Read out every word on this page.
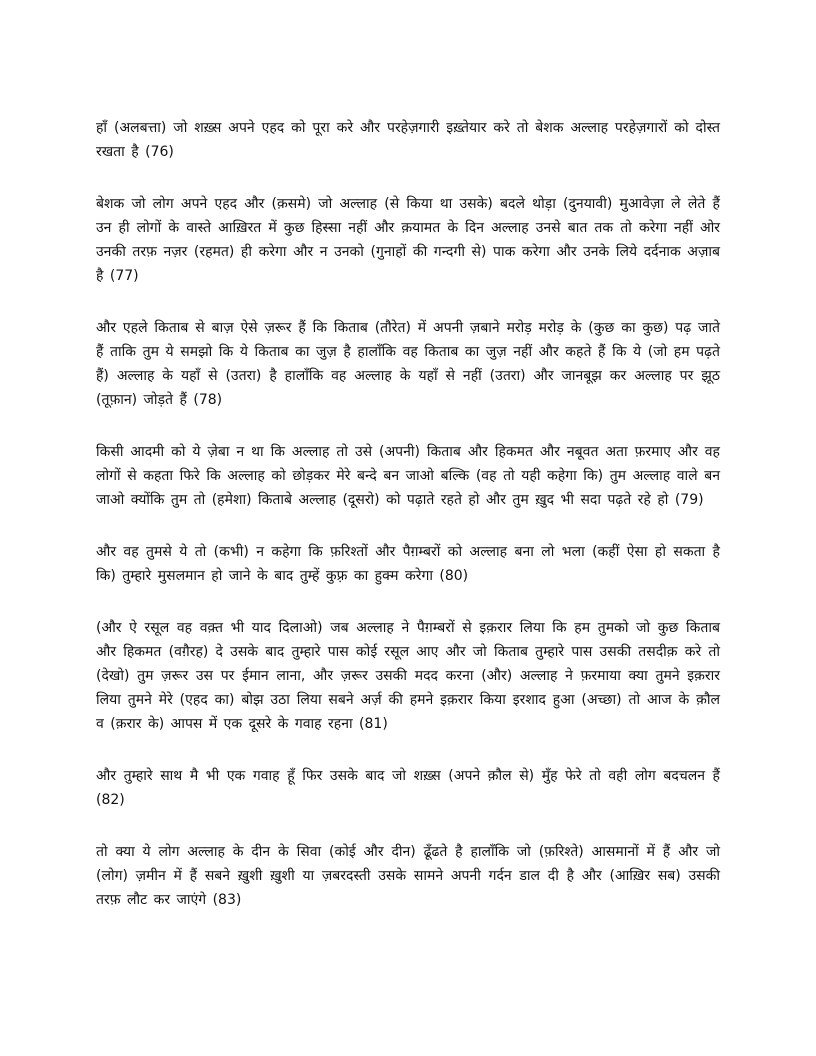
हाँ (अलबत्ता) जो शख़्स अपने एहद को पूरा करे और परहेज़गारी इख़्तेयार करे तो बेशक अल्लाह परहेज़गारों को दोस्त रखता है (76)

बेशक जो लोग अपने एहद और (क़समे) जो अल्लाह (से किया था उसके) बदले थोड़ा (दुनयावी) मुआवेज़ा ले लेते हैं उन ही लोगों के वास्ते आख़िरत में कुछ हिस्सा नहीं और क़यामत के दिन अल्लाह उनसे बात तक तो करेगा नहीं ओर उनकी तरफ़ नज़र (रहमत) ही करेगा और न उनको (गुनाहों की गन्दगी से) पाक करेगा और उनके लिये दर्दनाक अज़ाब है (77)

और एहले किताब से बाज़ ऐसे ज़रूर हैं कि किताब (तौरेत) में अपनी ज़बाने मरोड़ मरोड़ के (कुछ का कुछ) पढ़ जाते हैं ताकि तुम ये समझो कि ये किताब का जुज़ है हालाँकि वह किताब का जुज़ नहीं और कहते हैं कि ये (जो हम पढ़ते हैं) अल्लाह के यहाँ से (उतरा) है हालाँकि वह अल्लाह के यहाँ से नहीं (उतरा) और जानबूझ कर अल्लाह पर झूठ (तूफ़ान) जोड़ते हैं (78)

किसी आदमी को ये ज़ेबा न था कि अल्लाह तो उसे (अपनी) किताब और हिकमत और नबूवत अता फ़रमाए और वह लोगों से कहता फिरे कि अल्लाह को छोड़कर मेरे बन्दे बन जाओ बल्कि (वह तो यही कहेगा कि) तुम अल्लाह वाले बन जाओ क्योंकि तुम तो (हमेशा) किताबे अल्लाह (दूसरो) को पढ़ाते रहते हो और तुम ख़ुद भी सदा पढ़ते रहे हो (79)

और वह तुमसे ये तो (कभी) न कहेगा कि फ़रिश्तों और पैग़म्बरों को अल्लाह बना लो भला (कहीं ऐसा हो सकता है कि) तुम्हारे मुसलमान हो जाने के बाद तुम्हें कुफ़्र का हुक्म करेगा (80)

(और ऐ रसूल वह वक़्त भी याद दिलाओ) जब अल्लाह ने पैग़म्बरों से इक़रार लिया कि हम तुमको जो कुछ किताब और हिकमत (वग़ैरह) दे उसके बाद तुम्हारे पास कोई रसूल आए और जो किताब तुम्हारे पास उसकी तसदीक़ करे तो (देखो) तुम ज़रूर उस पर ईमान लाना, और ज़रूर उसकी मदद करना (और) अल्लाह ने फ़रमाया क्या तुमने इक़रार लिया तुमने मेरे (एहद का) बोझ उठा लिया सबने अर्ज़ की हमने इक़रार किया इरशाद हुआ (अच्छा) तो आज के क़ौल व (क़रार के) आपस में एक दूसरे के गवाह रहना (81)

और तुम्हारे साथ मै भी एक गवाह हूँ फिर उसके बाद जो शख़्स (अपने क़ौल से) मुँह फेरे तो वही लोग बदचलन हैं (82)

तो क्या ये लोग अल्लाह के दीन के सिवा (कोई और दीन) ढूँढते है हालाँकि जो (फ़रिश्ते) आसमानों में हैं और जो (लोग) ज़मीन में हैं सबने ख़ुशी ख़ुशी या ज़बरदस्ती उसके सामने अपनी गर्दन डाल दी है और (आख़िर सब) उसकी तरफ़ लौट कर जाएंगे (83)
